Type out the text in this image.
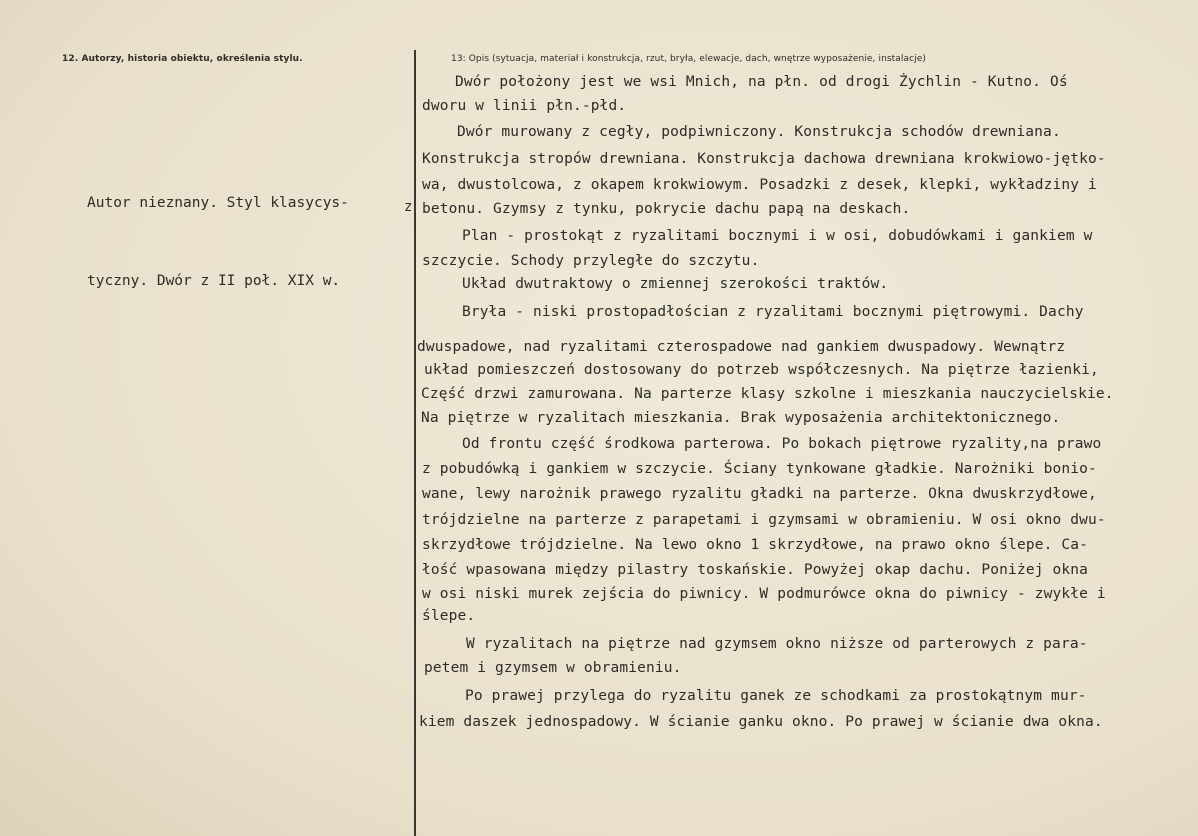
12. Autorzy, historia obiektu, określenia stylu.	13: Opis (sytuacja, materiał i konstrukcja, rzut, bryła, elewacje, dach, wnętrze wyposażenie, instalacje)

Autor nieznany. Styl klasycys-

tyczny. Dwór z II poł. XIX w.

z
Dwór położony jest we wsi Mnich, na płn. od drogi Żychlin - Kutno. Oś
dworu w linii płn.-płd.
Dwór murowany z cegły, podpiwniczony. Konstrukcja schodów drewniana.
Konstrukcja stropów drewniana. Konstrukcja dachowa drewniana krokwiowo-jętko-
wa, dwustolcowa, z okapem krokwiowym. Posadzki z desek, klepki, wykładziny i
betonu. Gzymsy z tynku, pokrycie dachu papą na deskach.
Plan - prostokąt z ryzalitami bocznymi i w osi, dobudówkami i gankiem w
szczycie. Schody przyległe do szczytu.
Układ dwutraktowy o zmiennej szerokości traktów.
Bryła - niski prostopadłościan z ryzalitami bocznymi piętrowymi. Dachy
dwuspadowe, nad ryzalitami czterospadowe nad gankiem dwuspadowy. Wewnątrz
układ pomieszczeń dostosowany do potrzeb współczesnych. Na piętrze łazienki,
Część drzwi zamurowana. Na parterze klasy szkolne i mieszkania nauczycielskie.
Na piętrze w ryzalitach mieszkania. Brak wyposażenia architektonicznego.
Od frontu część środkowa parterowa. Po bokach piętrowe ryzality,na prawo
z pobudówką i gankiem w szczycie. Ściany tynkowane gładkie. Narożniki bonio-
wane, lewy narożnik prawego ryzalitu gładki na parterze. Okna dwuskrzydłowe,
trójdzielne na parterze z parapetami i gzymsami w obramieniu. W osi okno dwu-
skrzydłowe trójdzielne. Na lewo okno 1 skrzydłowe, na prawo okno ślepe. Ca-
łość wpasowana między pilastry toskańskie. Powyżej okap dachu. Poniżej okna
w osi niski murek zejścia do piwnicy. W podmurówce okna do piwnicy - zwykłe i
ślepe.
W ryzalitach na piętrze nad gzymsem okno niższe od parterowych z para-
petem i gzymsem w obramieniu.
Po prawej przylega do ryzalitu ganek ze schodkami za prostokątnym mur-
kiem daszek jednospadowy. W ścianie ganku okno. Po prawej w ścianie dwa okna.
